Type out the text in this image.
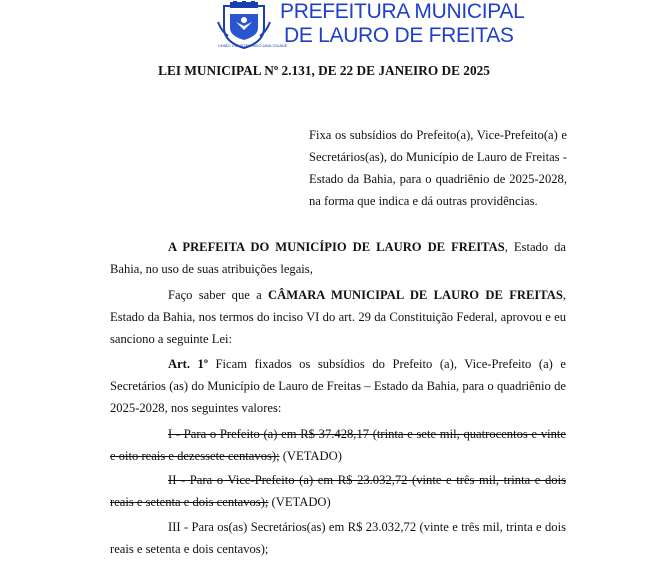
UNIÃO CONSTRUINDO UMA CIDADE
PREFEITURA MUNICIPAL
DE LAURO DE FREITAS
LEI MUNICIPAL Nº 2.131, DE 22 DE JANEIRO DE 2025
Fixa os subsídios do Prefeito(a), Vice-Prefeito(a) e Secretários(as), do Município de Lauro de Freitas - Estado da Bahia, para o quadriênio de 2025-2028, na forma que indica e dá outras providências.
A PREFEITA DO MUNICÍPIO DE LAURO DE FREITAS, Estado da Bahia, no uso de suas atribuições legais,
Faço saber que a CÂMARA MUNICIPAL DE LAURO DE FREITAS, Estado da Bahia, nos termos do inciso VI do art. 29 da Constituição Federal, aprovou e eu sanciono a seguinte Lei:
Art. 1º Ficam fixados os subsídios do Prefeito (a), Vice-Prefeito (a) e Secretários (as) do Município de Lauro de Freitas – Estado da Bahia, para o quadriênio de 2025-2028, nos seguintes valores:
I - Para o Prefeito (a) em R$ 37.428,17 (trinta e sete mil, quatrocentos e vinte e oito reais e dezessete centavos); (VETADO)
II - Para o Vice-Prefeito (a) em R$ 23.032,72 (vinte e três mil, trinta e dois reais e setenta e dois centavos); (VETADO)
III - Para os(as) Secretários(as) em R$ 23.032,72 (vinte e três mil, trinta e dois reais e setenta e dois centavos);
